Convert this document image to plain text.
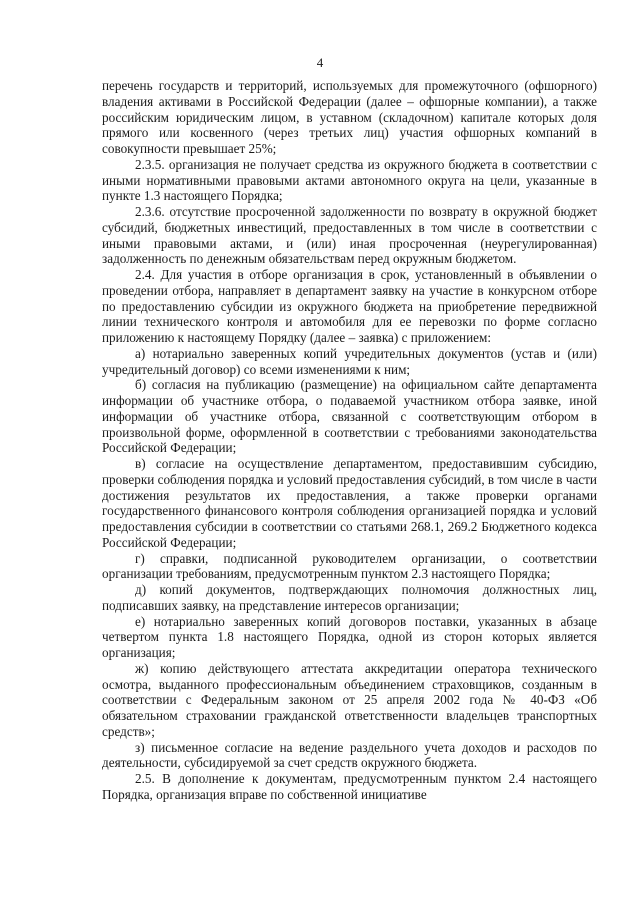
4

перечень государств и территорий, используемых для промежуточного (офшорного) владения активами в Российской Федерации (далее – офшорные компании), а также российским юридическим лицом, в уставном (складочном) капитале которых доля прямого или косвенного (через третьих лиц) участия офшорных компаний в совокупности превышает 25%;

2.3.5. организация не получает средства из окружного бюджета в соответствии с иными нормативными правовыми актами автономного округа на цели, указанные в пункте 1.3 настоящего Порядка;

2.3.6. отсутствие просроченной задолженности по возврату в окружной бюджет субсидий, бюджетных инвестиций, предоставленных в том числе в соответствии с иными правовыми актами, и (или) иная просроченная (неурегулированная) задолженность по денежным обязательствам перед окружным бюджетом.

2.4. Для участия в отборе организация в срок, установленный в объявлении о проведении отбора, направляет в департамент заявку на участие в конкурсном отборе по предоставлению субсидии из окружного бюджета на приобретение передвижной линии технического контроля и автомобиля для ее перевозки по форме согласно приложению к настоящему Порядку (далее – заявка) с приложением:

а) нотариально заверенных копий учредительных документов (устав и (или) учредительный договор) со всеми изменениями к ним;

б) согласия на публикацию (размещение) на официальном сайте департамента информации об участнике отбора, о подаваемой участником отбора заявке, иной информации об участнике отбора, связанной с соответствующим отбором в произвольной форме, оформленной в соответствии с требованиями законодательства Российской Федерации;

в) согласие на осуществление департаментом, предоставившим субсидию, проверки соблюдения порядка и условий предоставления субсидий, в том числе в части достижения результатов их предоставления, а также проверки органами государственного финансового контроля соблюдения организацией порядка и условий предоставления субсидии в соответствии со статьями 268.1, 269.2 Бюджетного кодекса Российской Федерации;

г) справки, подписанной руководителем организации, о соответствии организации требованиям, предусмотренным пунктом 2.3 настоящего Порядка;

д) копий документов, подтверждающих полномочия должностных лиц, подписавших заявку, на представление интересов организации;

е) нотариально заверенных копий договоров поставки, указанных в абзаце четвертом пункта 1.8 настоящего Порядка, одной из сторон которых является организация;

ж) копию действующего аттестата аккредитации оператора технического осмотра, выданного профессиональным объединением страховщиков, созданным в соответствии с Федеральным законом от 25 апреля 2002 года № 40-ФЗ «Об обязательном страховании гражданской ответственности владельцев транспортных средств»;

з) письменное согласие на ведение раздельного учета доходов и расходов по деятельности, субсидируемой за счет средств окружного бюджета.

2.5. В дополнение к документам, предусмотренным пунктом 2.4 настоящего Порядка, организация вправе по собственной инициативе
